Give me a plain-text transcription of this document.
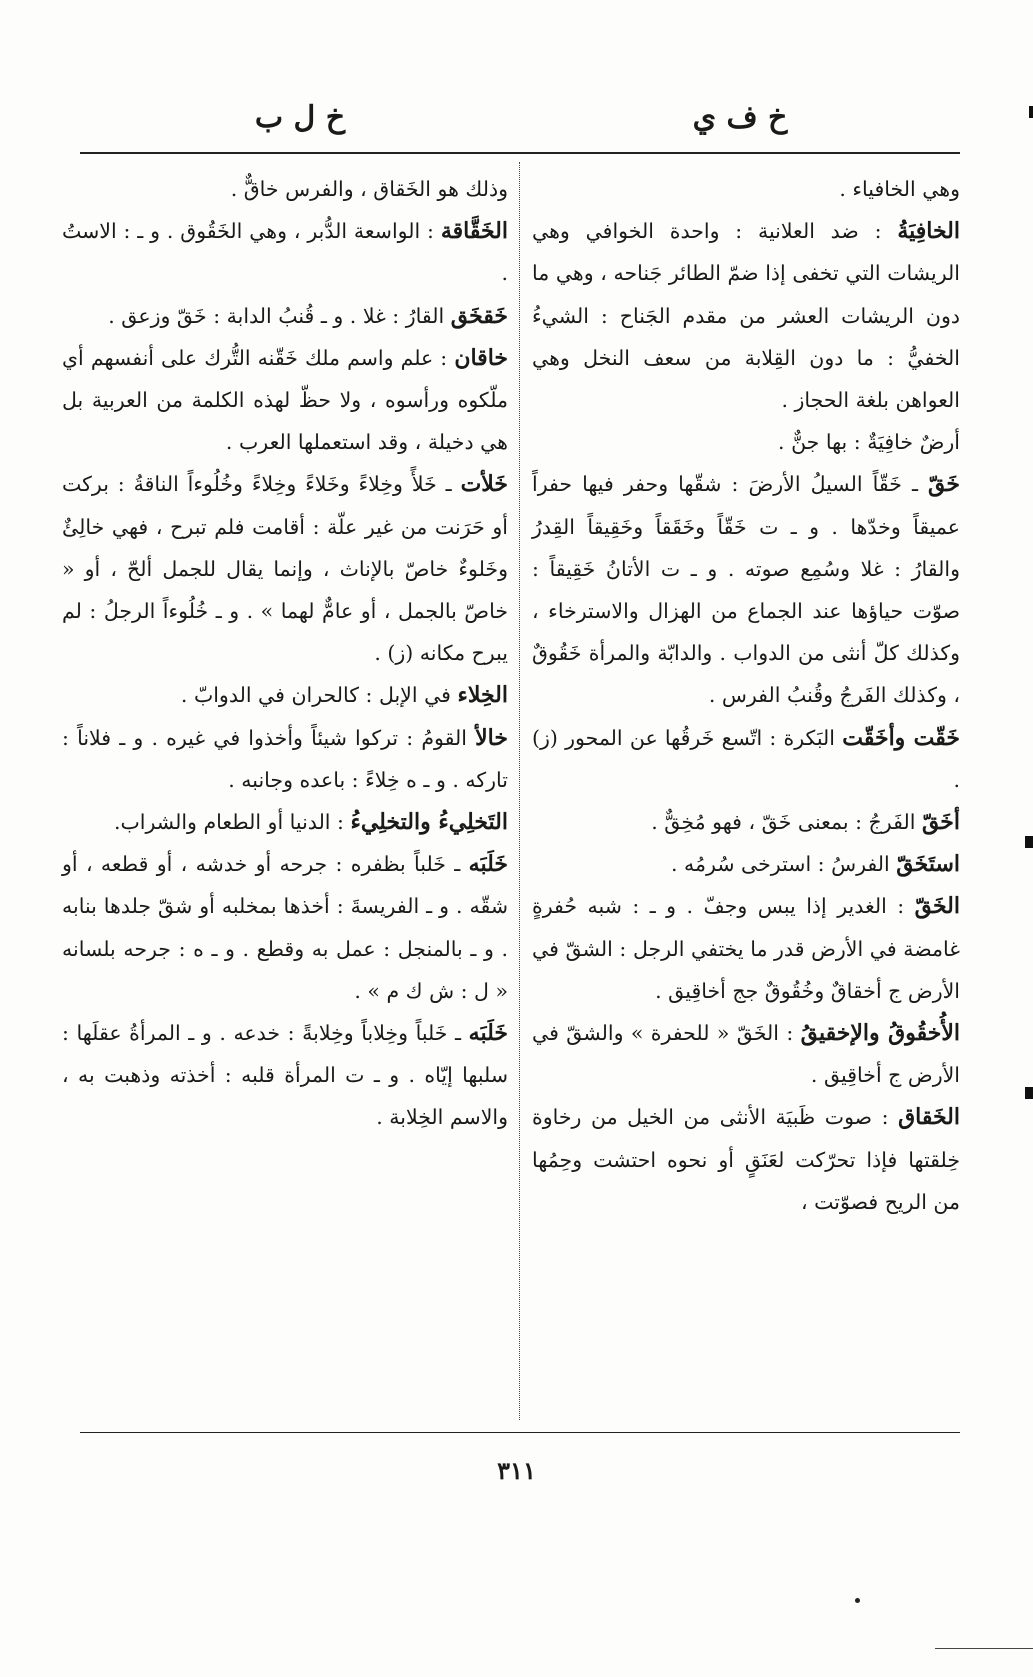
خ ف ي
خ ل ب

وهي الخافياء .

الخافِيَةُ : ضد العلانية : واحدة الخوافي وهي الريشات التي تخفى إذا ضمّ الطائر جَناحه ، وهي ما دون الريشات العشر من مقدم الجَناح : الشيءُ الخفيُّ : ما دون القِلابة من سعف النخل وهي العواهن بلغة الحجاز .

أرضٌ خافِيَةٌ : بها جنٌّ .

خَقّ ـ خَقّاً السيلُ الأرضَ : شقّها وحفر فيها حفراً عميقاً وخدّها . و ـ ت خَقّاً وخَقَقاً وخَقِيقاً القِدرُ والقارُ : غلا وسُمِع صوته . و ـ ت الأتانُ خَقِيقاً : صوّت حياؤها عند الجماع من الهزال والاسترخاء ، وكذلك كلّ أنثى من الدواب . والدابّة والمرأة خَقُوقٌ ، وكذلك الفَرجُ وقُنبُ الفرس .

خَقّت وأخَقّت البَكرة : اتّسع خَرقُها عن المحور (ز) .

أخَقّ الفَرجُ : بمعنى خَقّ ، فهو مُخِقٌّ .

استَخَقّ الفرسُ : استرخى سُرمُه .

الخَقّ : الغدير إذا يبس وجفّ . و ـ : شبه حُفرةٍ غامضة في الأرض قدر ما يختفي الرجل : الشقّ في الأرض ج أخقاقٌ وخُقُوقٌ جج أخاقِيق .

الأُخقُوقُ والإخقيقُ : الخَقّ « للحفرة » والشقّ في الأرض ج أخاقِيق .

الخَقاق : صوت ظَبيَة الأنثى من الخيل من رخاوة خِلقتها فإذا تحرّكت لعَنَقٍ أو نحوه احتشت وحِمُها من الريح فصوّتت ،

وذلك هو الخَقاق ، والفرس خاقٌّ .

الخَقَّاقة : الواسعة الدُّبر ، وهي الخَقُوق . و ـ : الاستُ .

خَقخَق القارُ : غلا . و ـ قُنبُ الدابة : خَقّ وزعق .

خاقان : علم واسم ملك خَقّنه التُّرك على أنفسهم أي ملّكوه ورأسوه ، ولا حظّ لهذه الكلمة من العربية بل هي دخيلة ، وقد استعملها العرب .

خَلأت ـ خَلأً وخِلاءً وخَلاءً وخِلاءً وخُلُوءاً الناقةُ : بركت أو حَرَنت من غير علّة : أقامت فلم تبرح ، فهي خالِئٌ وخَلوءٌ خاصّ بالإناث ، وإنما يقال للجمل ألحّ ، أو « خاصّ بالجمل ، أو عامٌّ لهما » . و ـ خُلُوءاً الرجلُ : لم يبرح مكانه (ز) .

الخِلاء في الإبل : كالحران في الدوابّ .

خالأ القومُ : تركوا شيئاً وأخذوا في غيره . و ـ فلاناً : تاركه . و ـ ه خِلاءً : باعده وجانبه .

التَخلِيءُ والتخلِيءُ : الدنيا أو الطعام والشراب.

خَلَبَه ـ خَلباً بظفره : جرحه أو خدشه ، أو قطعه ، أو شقّه . و ـ الفريسةَ : أخذها بمخلبه أو شقّ جلدها بنابه . و ـ بالمنجل : عمل به وقطع . و ـ ه : جرحه بلسانه « ل : ش ك م » .

خَلَبَه ـ خَلباً وخِلاباً وخِلابةً : خدعه . و ـ المرأةُ عقلَها : سلبها إيّاه . و ـ ت المرأة قلبه : أخذته وذهبت به ، والاسم الخِلابة .

٣١١
